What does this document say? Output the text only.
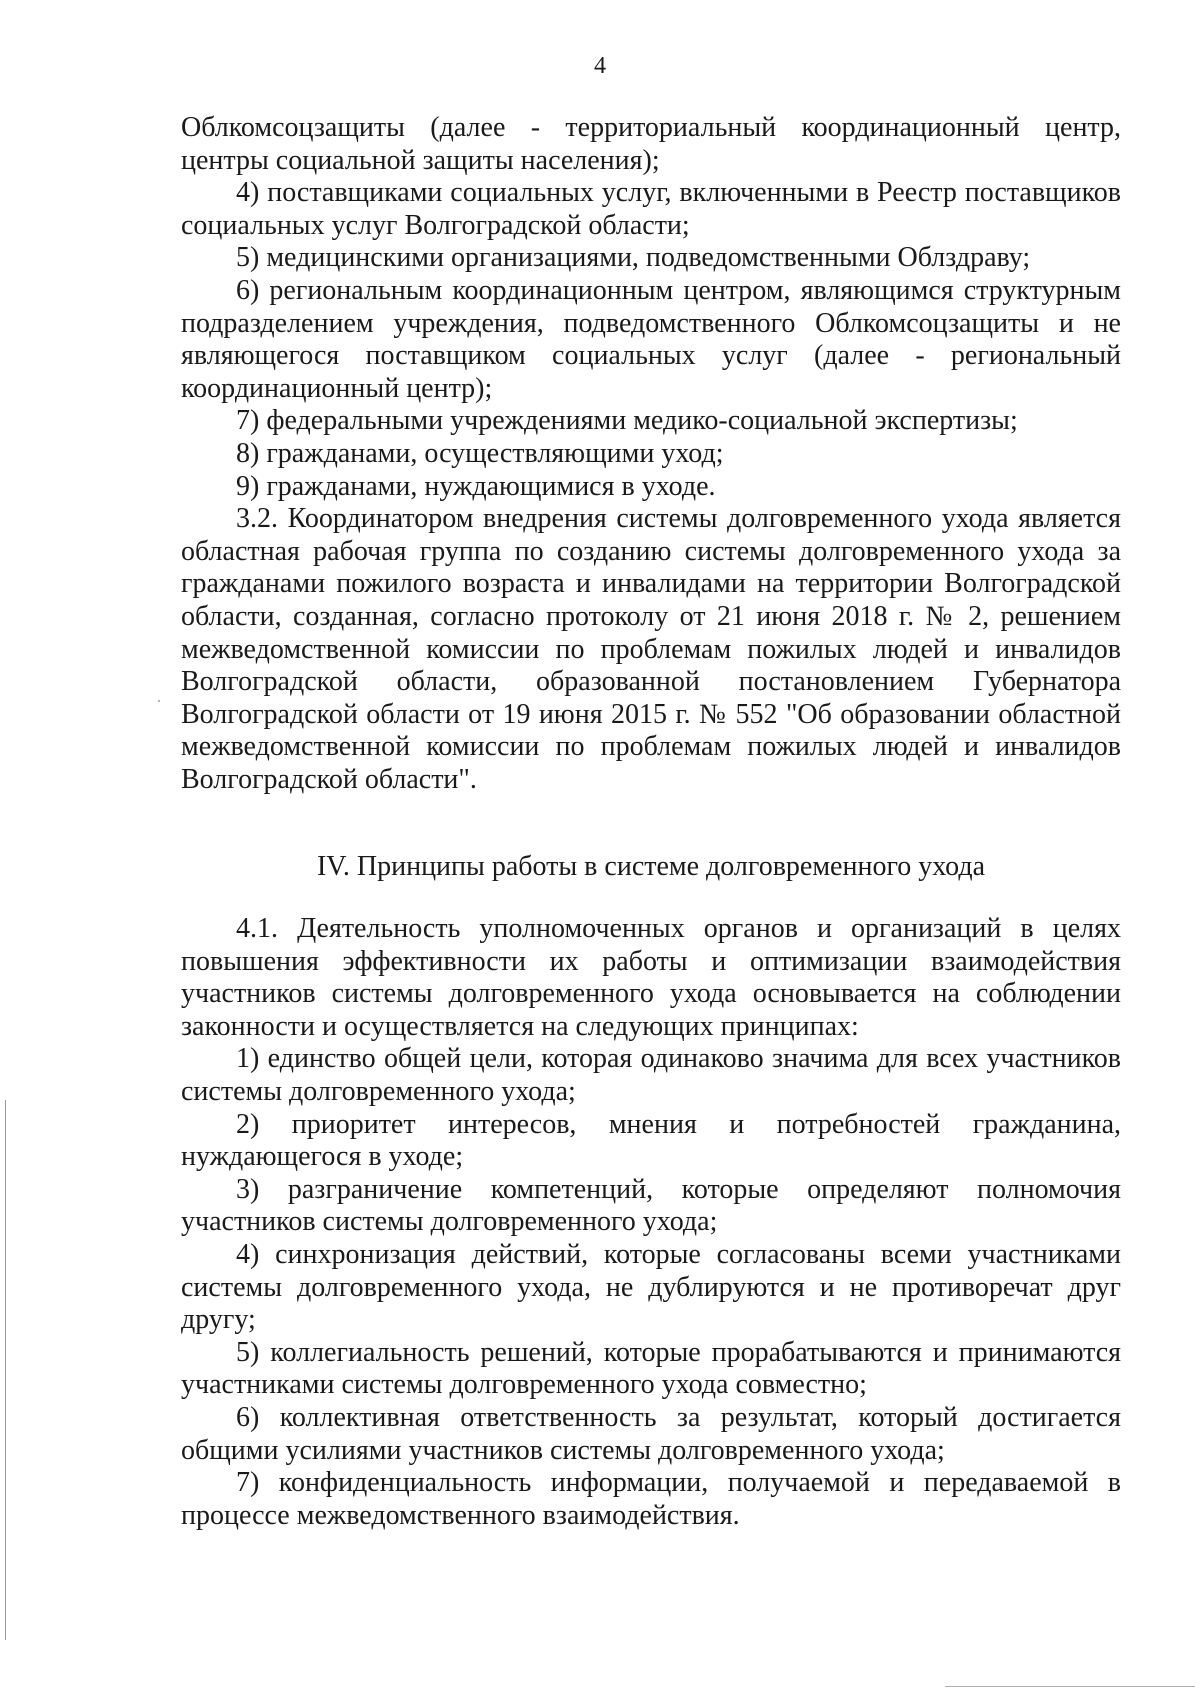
4

Облкомсоцзащиты (далее - территориальный координационный центр, центры социальной защиты населения);

4) поставщиками социальных услуг, включенными в Реестр поставщиков социальных услуг Волгоградской области;

5) медицинскими организациями, подведомственными Облздраву;

6) региональным координационным центром, являющимся структурным подразделением учреждения, подведомственного Облкомсоцзащиты и не являющегося поставщиком социальных услуг (далее - региональный координационный центр);

7) федеральными учреждениями медико-социальной экспертизы;

8) гражданами, осуществляющими уход;

9) гражданами, нуждающимися в уходе.

3.2. Координатором внедрения системы долговременного ухода является областная рабочая группа по созданию системы долговременного ухода за гражданами пожилого возраста и инвалидами на территории Волгоградской области, созданная, согласно протоколу от 21 июня 2018 г. № 2, решением межведомственной комиссии по проблемам пожилых людей и инвалидов Волгоградской области, образованной постановлением Губернатора Волгоградской области от 19 июня 2015 г. № 552 "Об образовании областной межведомственной комиссии по проблемам пожилых людей и инвалидов Волгоградской области".

IV. Принципы работы в системе долговременного ухода

4.1. Деятельность уполномоченных органов и организаций в целях повышения эффективности их работы и оптимизации взаимодействия участников системы долговременного ухода основывается на соблюдении законности и осуществляется на следующих принципах:

1) единство общей цели, которая одинаково значима для всех участников системы долговременного ухода;

2) приоритет интересов, мнения и потребностей гражданина, нуждающегося в уходе;

3) разграничение компетенций, которые определяют полномочия участников системы долговременного ухода;

4) синхронизация действий, которые согласованы всеми участниками системы долговременного ухода, не дублируются и не противоречат друг другу;

5) коллегиальность решений, которые прорабатываются и принимаются участниками системы долговременного ухода совместно;

6) коллективная ответственность за результат, который достигается общими усилиями участников системы долговременного ухода;

7) конфиденциальность информации, получаемой и передаваемой в процессе межведомственного взаимодействия.
